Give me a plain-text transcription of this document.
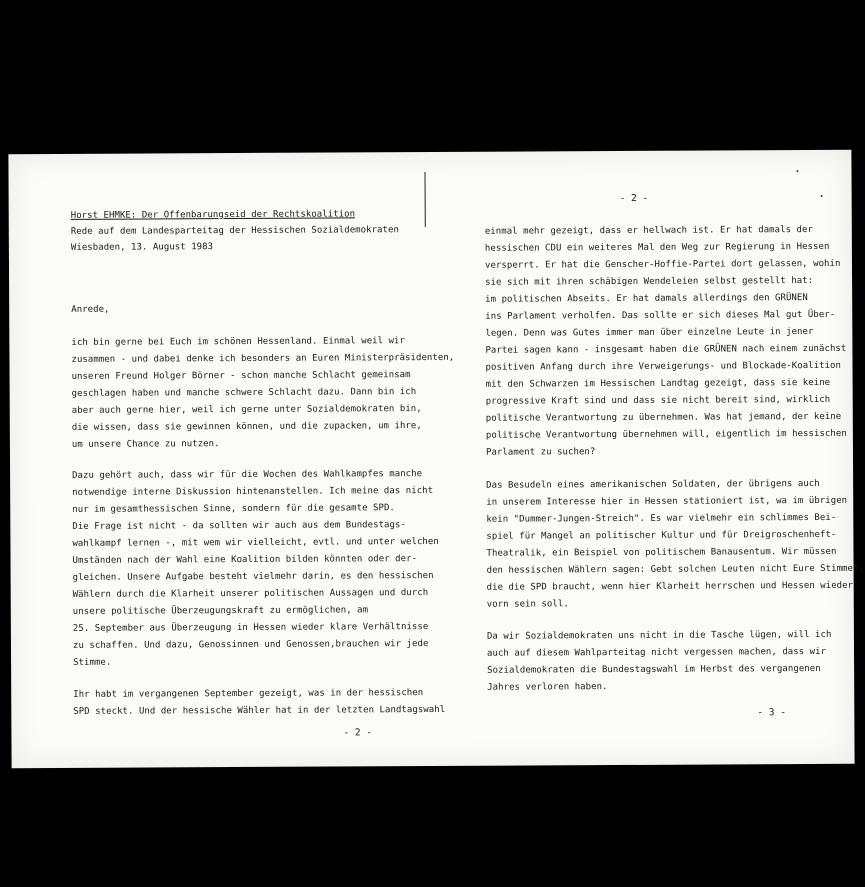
Horst EHMKE: Der Offenbarungseid der Rechtskoalition
Rede auf dem Landesparteitag der Hessischen Sozialdemokraten
Wiesbaden, 13. August 1983
Anrede,
ich bin gerne bei Euch im schönen Hessenland. Einmal weil wir
zusammen - und dabei denke ich besonders an Euren Ministerpräsidenten,
unseren Freund Holger Börner - schon manche Schlacht gemeinsam
geschlagen haben und manche schwere Schlacht dazu. Dann bin ich
aber auch gerne hier, weil ich gerne unter Sozialdemokraten bin,
die wissen, dass sie gewinnen können, und die zupacken, um ihre,
um unsere Chance zu nutzen.
Dazu gehört auch, dass wir für die Wochen des Wahlkampfes manche
notwendige interne Diskussion hintenanstellen. Ich meine das nicht
nur im gesamthessischen Sinne, sondern für die gesamte SPD.
Die Frage ist nicht - da sollten wir auch aus dem Bundestags-
wahlkampf lernen -, mit wem wir vielleicht, evtl. und unter welchen
Umständen nach der Wahl eine Koalition bilden könnten oder der-
gleichen. Unsere Aufgabe besteht vielmehr darin, es den hessischen
Wählern durch die Klarheit unserer politischen Aussagen und durch
unsere politische Überzeugungskraft zu ermöglichen, am
25. September aus Überzeugung in Hessen wieder klare Verhältnisse
zu schaffen. Und dazu, Genossinnen und Genossen,brauchen wir jede
Stimme.
Ihr habt im vergangenen September gezeigt, was in der hessischen
SPD steckt. Und der hessische Wähler hat in der letzten Landtagswahl
- 2 -
- 2 -
einmal mehr gezeigt, dass er hellwach ist. Er hat damals der
hessischen CDU ein weiteres Mal den Weg zur Regierung in Hessen
versperrt. Er hat die Genscher-Hoffie-Partei dort gelassen, wohin
sie sich mit ihren schäbigen Wendeleien selbst gestellt hat:
im politischen Abseits. Er hat damals allerdings den GRÜNEN
ins Parlament verholfen. Das sollte er sich dieses Mal gut Über-
legen. Denn was Gutes immer man über einzelne Leute in jener
Partei sagen kann - insgesamt haben die GRÜNEN nach einem zunächst
positiven Anfang durch ihre Verweigerungs- und Blockade-Koalition
mit den Schwarzen im Hessischen Landtag gezeigt, dass sie keine
progressive Kraft sind und dass sie nicht bereit sind, wirklich
politische Verantwortung zu übernehmen. Was hat jemand, der keine
politische Verantwortung übernehmen will, eigentlich im hessischen
Parlament zu suchen?
Das Besudeln eines amerikanischen Soldaten, der übrigens auch
in unserem Interesse hier in Hessen stationiert ist, wa im übrigen
kein "Dummer-Jungen-Streich". Es war vielmehr ein schlimmes Bei-
spiel für Mangel an politischer Kultur und für Dreigroschenheft-
Theatralik, ein Beispiel von politischem Banausentum. Wir müssen
den hessischen Wählern sagen: Gebt solchen Leuten nicht Eure Stimmen,
die die SPD braucht, wenn hier Klarheit herrschen und Hessen wieder
vorn sein soll.
Da wir Sozialdemokraten uns nicht in die Tasche lügen, will ich
auch auf diesem Wahlparteitag nicht vergessen machen, dass wir
Sozialdemokraten die Bundestagswahl im Herbst des vergangenen
Jahres verloren haben.
- 3 -
